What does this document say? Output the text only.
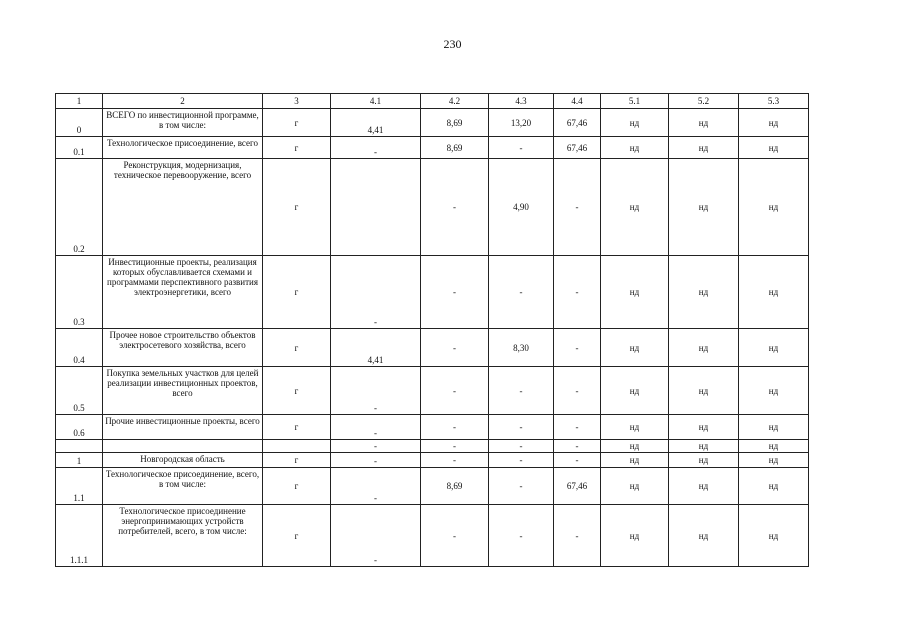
230
1	2	3	4.1	4.2	4.3	4.4	5.1	5.2	5.3
0	ВСЕГО по инвестиционной программе, в том числе:	г	4,41	8,69	13,20	67,46	нд	нд	нд
0.1	Технологическое присоединение, всего	г	-	8,69	-	67,46	нд	нд	нд
0.2	Реконструкция, модернизация, техническое перевооружение, всего	г		-	4,90	-	нд	нд	нд
0.3	Инвестиционные проекты, реализация которых обуславливается схемами и программами перспективного развития электроэнергетики, всего	г	-	-	-	-	нд	нд	нд
0.4	Прочее новое строительство объектов электросетевого хозяйства, всего	г	4,41	-	8,30	-	нд	нд	нд
0.5	Покупка земельных участков для целей реализации инвестиционных проектов, всего	г	-	-	-	-	нд	нд	нд
0.6	Прочие инвестиционные проекты, всего	г	-	-	-	-	нд	нд	нд
			-	-	-	-	нд	нд	нд
1	Новгородская область	г	-	-	-	-	нд	нд	нд
1.1	Технологическое присоединение, всего, в том числе:	г	-	8,69	-	67,46	нд	нд	нд
1.1.1	Технологическое присоединение энергопринимающих устройств потребителей, всего, в том числе:	г	-	-	-	-	нд	нд	нд
